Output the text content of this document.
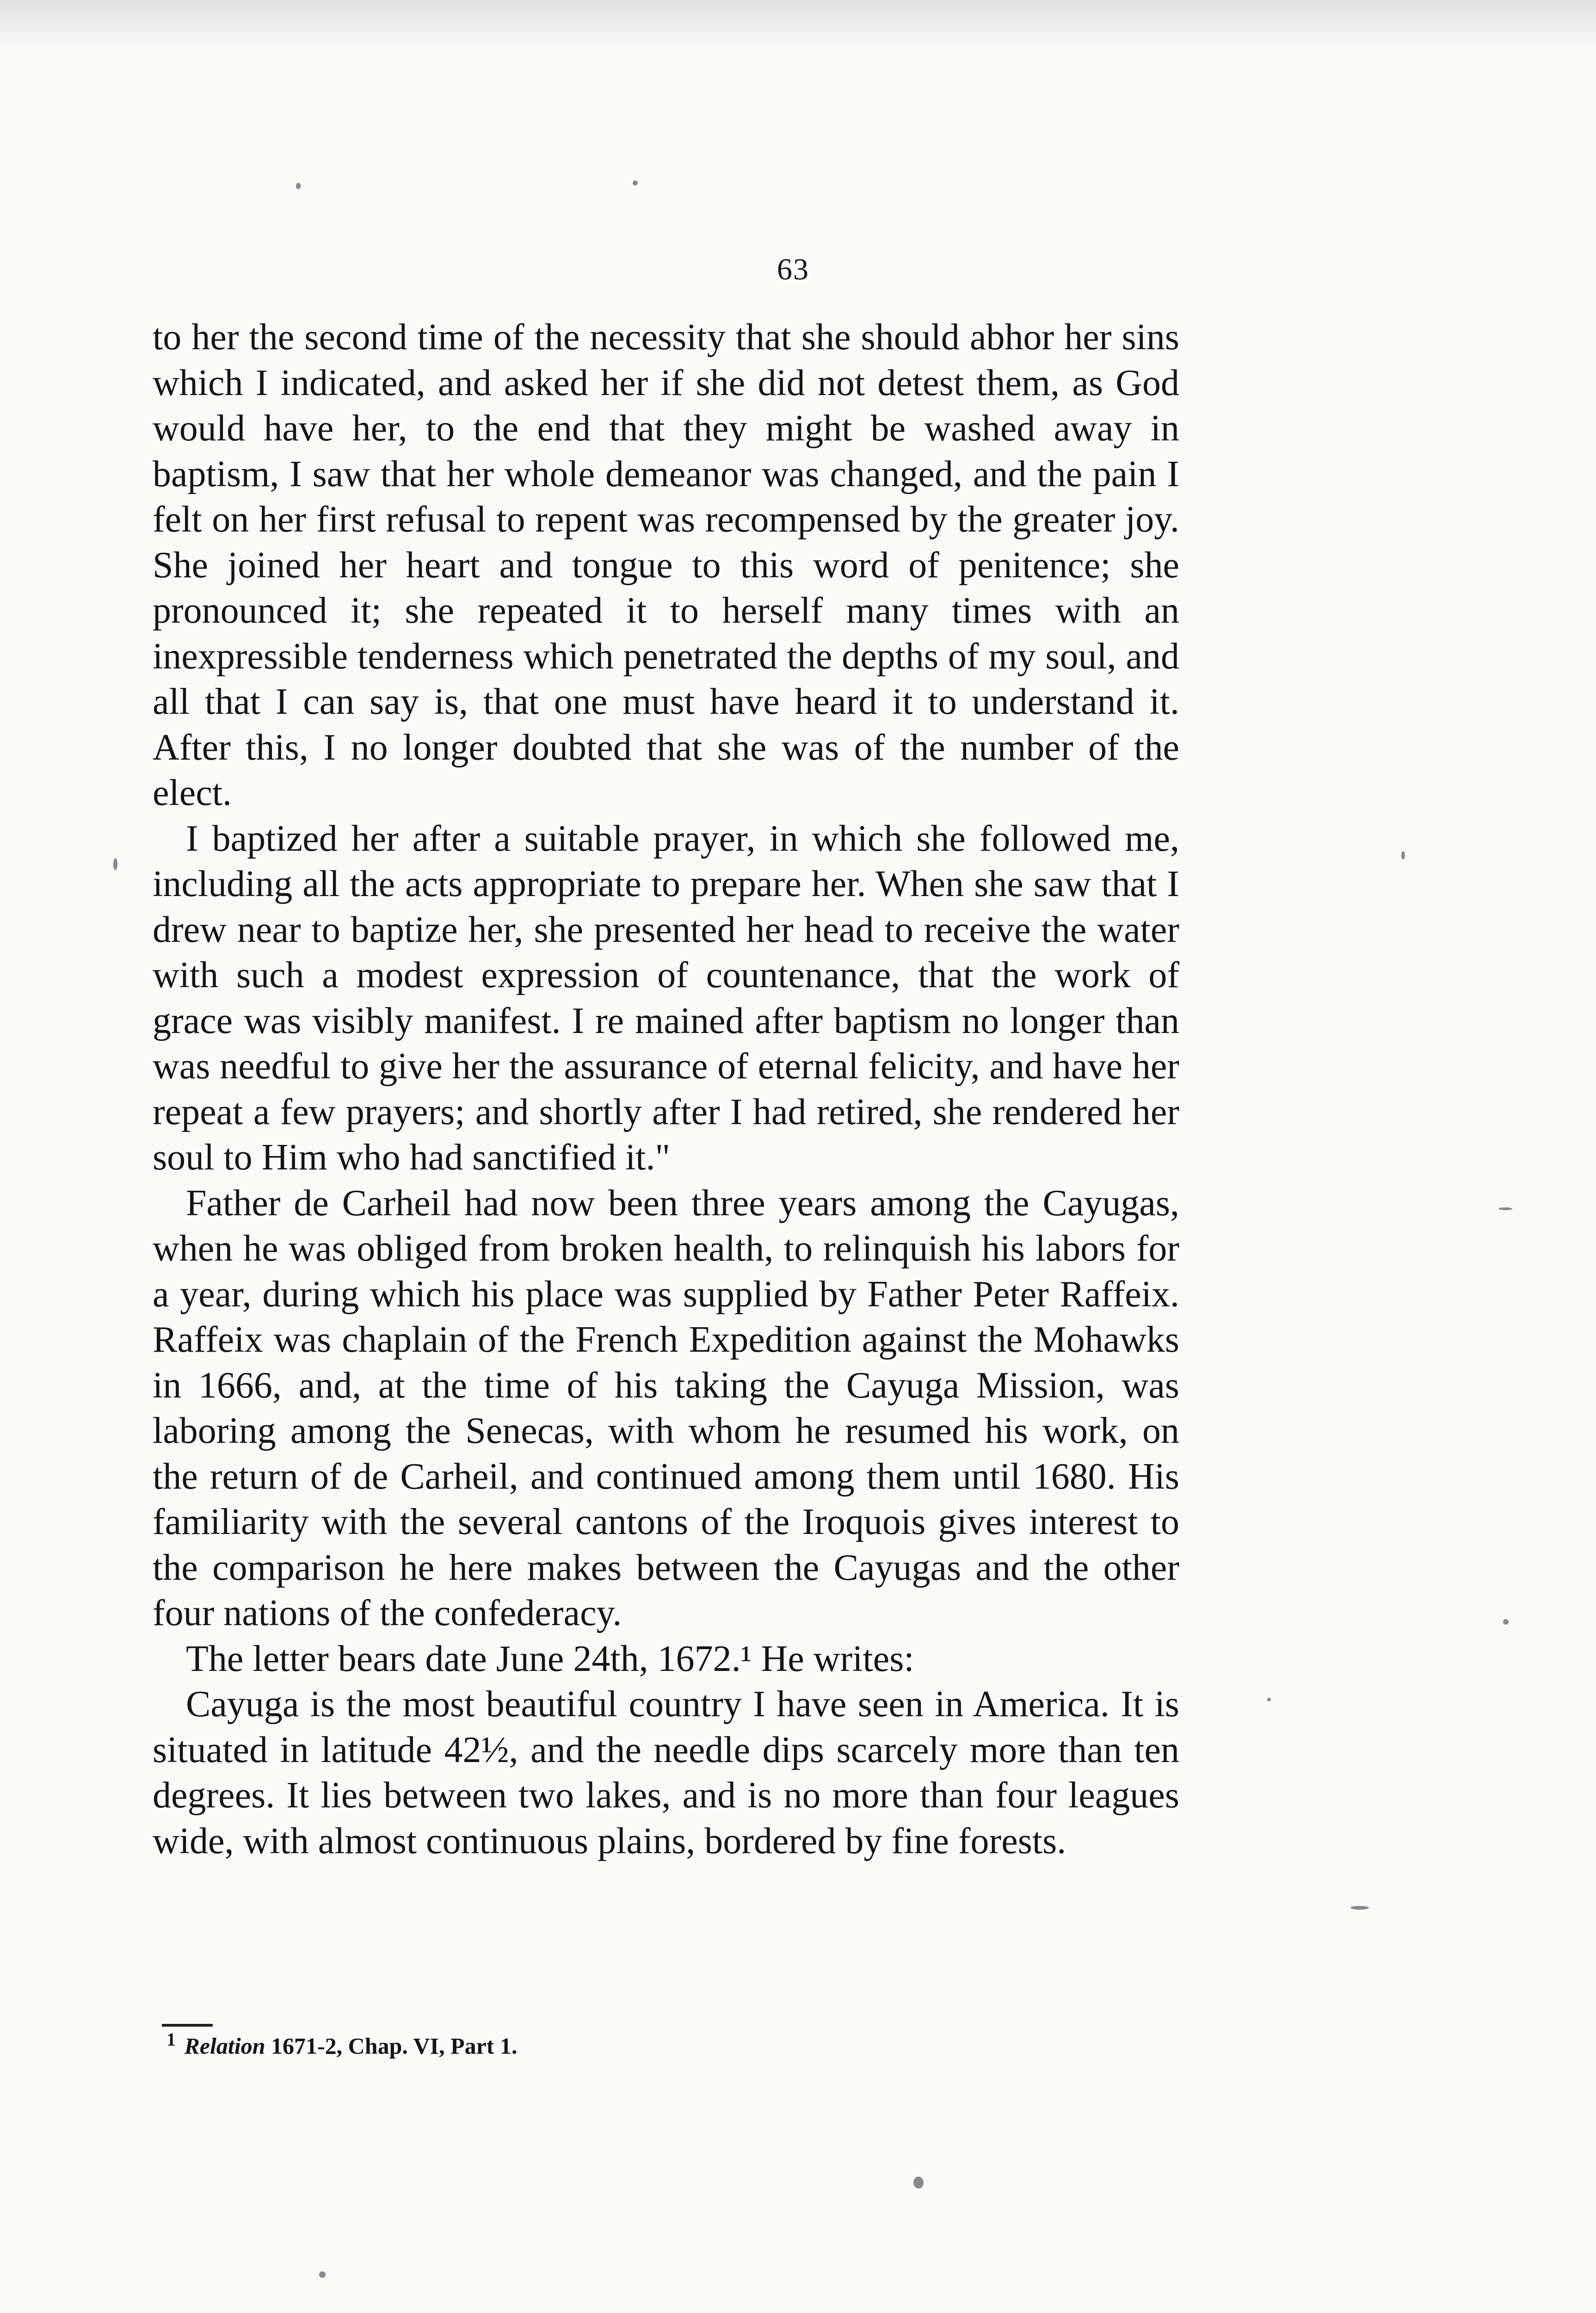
63

to her the second time of the necessity that she should abhor her sins which I indicated, and asked her if she did not detest them, as God would have her, to the end that they might be washed away in baptism, I saw that her whole demeanor was changed, and the pain I felt on her first refusal to repent was recompensed by the greater joy. She joined her heart and tongue to this word of penitence; she pronounced it; she repeated it to herself many times with an inexpressible tenderness which penetrated the depths of my soul, and all that I can say is, that one must have heard it to understand it. After this, I no longer doubted that she was of the number of the elect.

I baptized her after a suitable prayer, in which she followed me, including all the acts appropriate to prepare her. When she saw that I drew near to baptize her, she presented her head to receive the water with such a modest expression of countenance, that the work of grace was visibly manifest. I re mained after baptism no longer than was needful to give her the assurance of eternal felicity, and have her repeat a few prayers; and shortly after I had retired, she rendered her soul to Him who had sanctified it."

Father de Carheil had now been three years among the Cayugas, when he was obliged from broken health, to relinquish his labors for a year, during which his place was supplied by Father Peter Raffeix. Raffeix was chaplain of the French Expedition against the Mohawks in 1666, and, at the time of his taking the Cayuga Mission, was laboring among the Senecas, with whom he resumed his work, on the return of de Carheil, and continued among them until 1680. His familiarity with the several cantons of the Iroquois gives interest to the comparison he here makes between the Cayugas and the other four nations of the confederacy.

The letter bears date June 24th, 1672.¹ He writes:

Cayuga is the most beautiful country I have seen in America. It is situated in latitude 42½, and the needle dips scarcely more than ten degrees. It lies between two lakes, and is no more than four leagues wide, with almost continuous plains, bordered by fine forests.

$^1$ Relation 1671-2, Chap. VI, Part 1.
